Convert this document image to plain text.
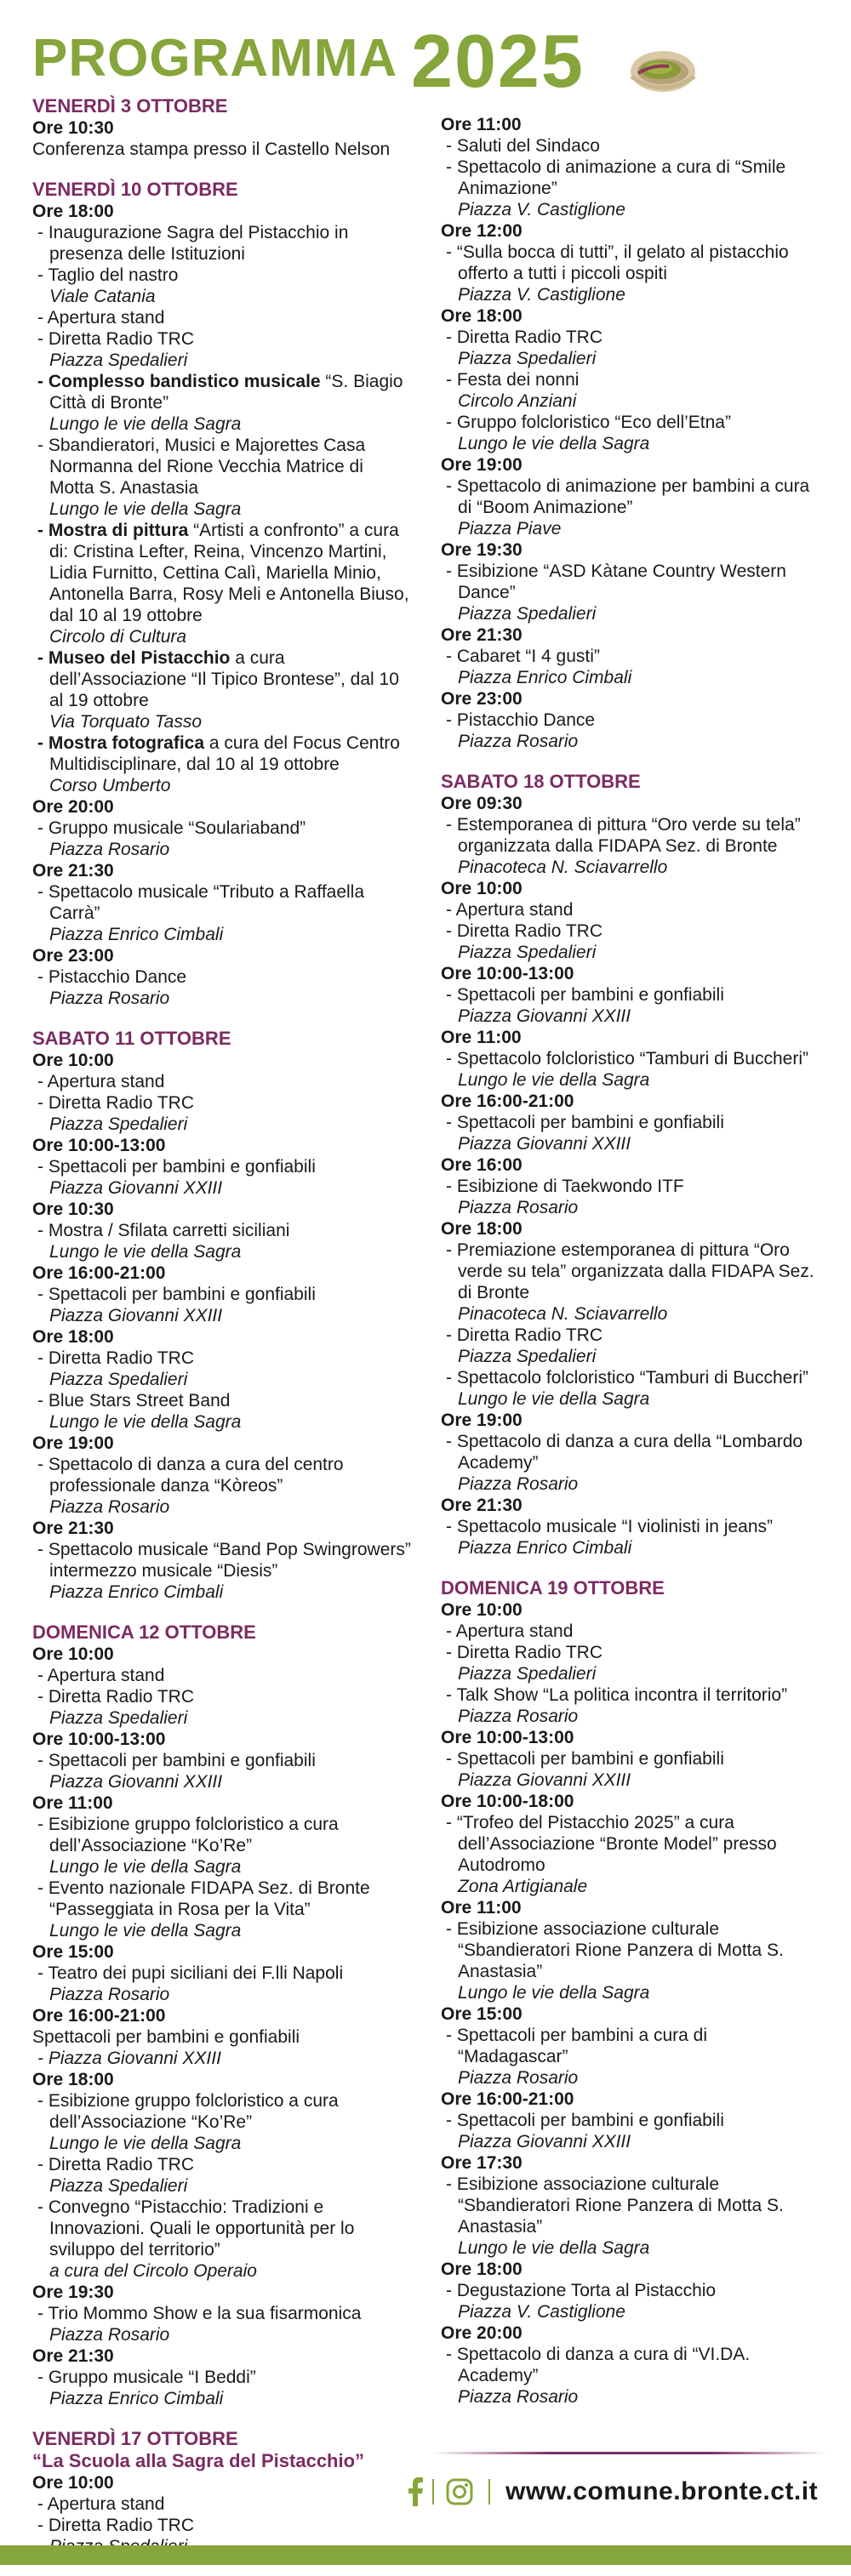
PROGRAMMA 2025
VENERDÌ 3 OTTOBRE
Ore 10:30
Conferenza stampa presso il Castello Nelson
VENERDÌ 10 OTTOBRE
Ore 18:00
- Inaugurazione Sagra del Pistacchio in presenza delle Istituzioni
- Taglio del nastro
Viale Catania
- Apertura stand
- Diretta Radio TRC
Piazza Spedalieri
- Complesso bandistico musicale “S. Biagio Città di Bronte”
Lungo le vie della Sagra
- Sbandieratori, Musici e Majorettes Casa Normanna del Rione Vecchia Matrice di Motta S. Anastasia
Lungo le vie della Sagra
- Mostra di pittura “Artisti a confronto” a cura di: Cristina Lefter, Reina, Vincenzo Martini, Lidia Furnitto, Cettina Calì, Mariella Minio, Antonella Barra, Rosy Meli e Antonella Biuso, dal 10 al 19 ottobre
Circolo di Cultura
- Museo del Pistacchio a cura dell’Associazione “Il Tipico Brontese”, dal 10 al 19 ottobre
Via Torquato Tasso
- Mostra fotografica a cura del Focus Centro Multidisciplinare, dal 10 al 19 ottobre
Corso Umberto
Ore 20:00
- Gruppo musicale “Soulariaband”
Piazza Rosario
Ore 21:30
- Spettacolo musicale “Tributo a Raffaella Carrà”
Piazza Enrico Cimbali
Ore 23:00
- Pistacchio Dance
Piazza Rosario
SABATO 11 OTTOBRE
Ore 10:00
- Apertura stand
- Diretta Radio TRC
Piazza Spedalieri
Ore 10:00-13:00
- Spettacoli per bambini e gonfiabili
Piazza Giovanni XXIII
Ore 10:30
- Mostra / Sfilata carretti siciliani
Lungo le vie della Sagra
Ore 16:00-21:00
- Spettacoli per bambini e gonfiabili
Piazza Giovanni XXIII
Ore 18:00
- Diretta Radio TRC
Piazza Spedalieri
- Blue Stars Street Band
Lungo le vie della Sagra
Ore 19:00
- Spettacolo di danza a cura del centro professionale danza “Kòreos”
Piazza Rosario
Ore 21:30
- Spettacolo musicale “Band Pop Swingrowers” intermezzo musicale “Diesis”
Piazza Enrico Cimbali
DOMENICA 12 OTTOBRE
Ore 10:00
- Apertura stand
- Diretta Radio TRC
Piazza Spedalieri
Ore 10:00-13:00
- Spettacoli per bambini e gonfiabili
Piazza Giovanni XXIII
Ore 11:00
- Esibizione gruppo folcloristico a cura dell’Associazione “Ko’Re”
Lungo le vie della Sagra
- Evento nazionale FIDAPA Sez. di Bronte “Passeggiata in Rosa per la Vita”
Lungo le vie della Sagra
Ore 15:00
- Teatro dei pupi siciliani dei F.lli Napoli
Piazza Rosario
Ore 16:00-21:00
Spettacoli per bambini e gonfiabili
- Piazza Giovanni XXIII
Ore 18:00
- Esibizione gruppo folcloristico a cura dell’Associazione “Ko’Re”
Lungo le vie della Sagra
- Diretta Radio TRC
Piazza Spedalieri
- Convegno “Pistacchio: Tradizioni e Innovazioni. Quali le opportunità per lo sviluppo del territorio”
a cura del Circolo Operaio
Ore 19:30
- Trio Mommo Show e la sua fisarmonica
Piazza Rosario
Ore 21:30
- Gruppo musicale “I Beddi”
Piazza Enrico Cimbali
VENERDÌ 17 OTTOBRE
“La Scuola alla Sagra del Pistacchio”
Ore 10:00
- Apertura stand
- Diretta Radio TRC
Ore 11:00
- Saluti del Sindaco
- Spettacolo di animazione a cura di “Smile Animazione”
Piazza V. Castiglione
Ore 12:00
- “Sulla bocca di tutti”, il gelato al pistacchio offerto a tutti i piccoli ospiti
Piazza V. Castiglione
Ore 18:00
- Diretta Radio TRC
Piazza Spedalieri
- Festa dei nonni
Circolo Anziani
- Gruppo folcloristico “Eco dell’Etna”
Lungo le vie della Sagra
Ore 19:00
- Spettacolo di animazione per bambini a cura di “Boom Animazione”
Piazza Piave
Ore 19:30
- Esibizione “ASD Kàtane Country Western Dance”
Piazza Spedalieri
Ore 21:30
- Cabaret “I 4 gusti”
Piazza Enrico Cimbali
Ore 23:00
- Pistacchio Dance
Piazza Rosario
SABATO 18 OTTOBRE
Ore 09:30
- Estemporanea di pittura “Oro verde su tela” organizzata dalla FIDAPA Sez. di Bronte
Pinacoteca N. Sciavarrello
Ore 10:00
- Apertura stand
- Diretta Radio TRC
Piazza Spedalieri
Ore 10:00-13:00
- Spettacoli per bambini e gonfiabili
Piazza Giovanni XXIII
Ore 11:00
- Spettacolo folcloristico “Tamburi di Buccheri”
Lungo le vie della Sagra
Ore 16:00-21:00
- Spettacoli per bambini e gonfiabili
Piazza Giovanni XXIII
Ore 16:00
- Esibizione di Taekwondo ITF
Piazza Rosario
Ore 18:00
- Premiazione estemporanea di pittura “Oro verde su tela” organizzata dalla FIDAPA Sez. di Bronte
Pinacoteca N. Sciavarrello
- Diretta Radio TRC
Piazza Spedalieri
- Spettacolo folcloristico “Tamburi di Buccheri”
Lungo le vie della Sagra
Ore 19:00
- Spettacolo di danza a cura della “Lombardo Academy”
Piazza Rosario
Ore 21:30
- Spettacolo musicale “I violinisti in jeans”
Piazza Enrico Cimbali
DOMENICA 19 OTTOBRE
Ore 10:00
- Apertura stand
- Diretta Radio TRC
Piazza Spedalieri
- Talk Show “La politica incontra il territorio”
Piazza Rosario
Ore 10:00-13:00
- Spettacoli per bambini e gonfiabili
Piazza Giovanni XXIII
Ore 10:00-18:00
- “Trofeo del Pistacchio 2025” a cura dell’Associazione “Bronte Model” presso Autodromo
Zona Artigianale
Ore 11:00
- Esibizione associazione culturale “Sbandieratori Rione Panzera di Motta S. Anastasia”
Lungo le vie della Sagra
Ore 15:00
- Spettacoli per bambini a cura di “Madagascar”
Piazza Rosario
Ore 16:00-21:00
- Spettacoli per bambini e gonfiabili
Piazza Giovanni XXIII
Ore 17:30
- Esibizione associazione culturale “Sbandieratori Rione Panzera di Motta S. Anastasia”
Lungo le vie della Sagra
Ore 18:00
- Degustazione Torta al Pistacchio
Piazza V. Castiglione
Ore 20:00
- Spettacolo di danza a cura di “VI.DA. Academy”
Piazza Rosario
www.comune.bronte.ct.it
